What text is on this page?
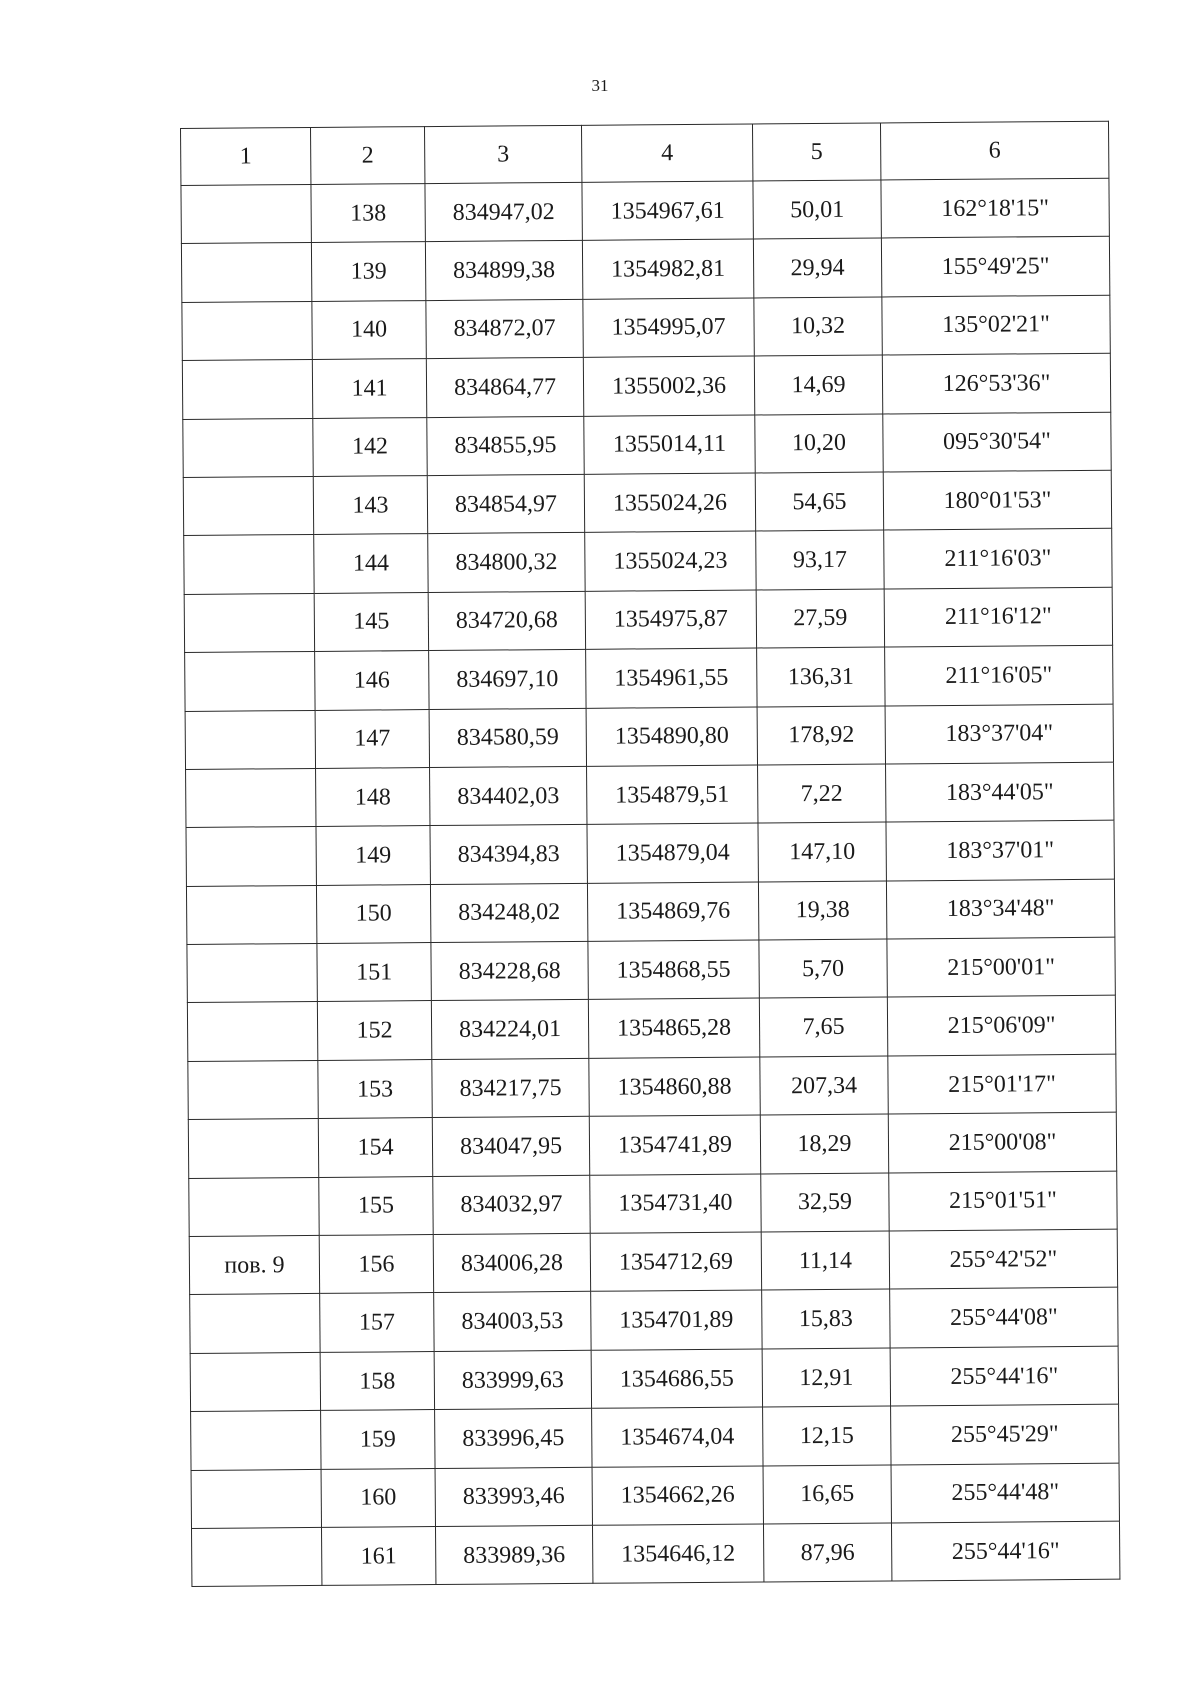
31
1	2	3	4	5	6
	138	834947,02	1354967,61	50,01	162°18'15"
	139	834899,38	1354982,81	29,94	155°49'25"
	140	834872,07	1354995,07	10,32	135°02'21"
	141	834864,77	1355002,36	14,69	126°53'36"
	142	834855,95	1355014,11	10,20	095°30'54"
	143	834854,97	1355024,26	54,65	180°01'53"
	144	834800,32	1355024,23	93,17	211°16'03"
	145	834720,68	1354975,87	27,59	211°16'12"
	146	834697,10	1354961,55	136,31	211°16'05"
	147	834580,59	1354890,80	178,92	183°37'04"
	148	834402,03	1354879,51	7,22	183°44'05"
	149	834394,83	1354879,04	147,10	183°37'01"
	150	834248,02	1354869,76	19,38	183°34'48"
	151	834228,68	1354868,55	5,70	215°00'01"
	152	834224,01	1354865,28	7,65	215°06'09"
	153	834217,75	1354860,88	207,34	215°01'17"
	154	834047,95	1354741,89	18,29	215°00'08"
	155	834032,97	1354731,40	32,59	215°01'51"
пов. 9	156	834006,28	1354712,69	11,14	255°42'52"
	157	834003,53	1354701,89	15,83	255°44'08"
	158	833999,63	1354686,55	12,91	255°44'16"
	159	833996,45	1354674,04	12,15	255°45'29"
	160	833993,46	1354662,26	16,65	255°44'48"
	161	833989,36	1354646,12	87,96	255°44'16"
